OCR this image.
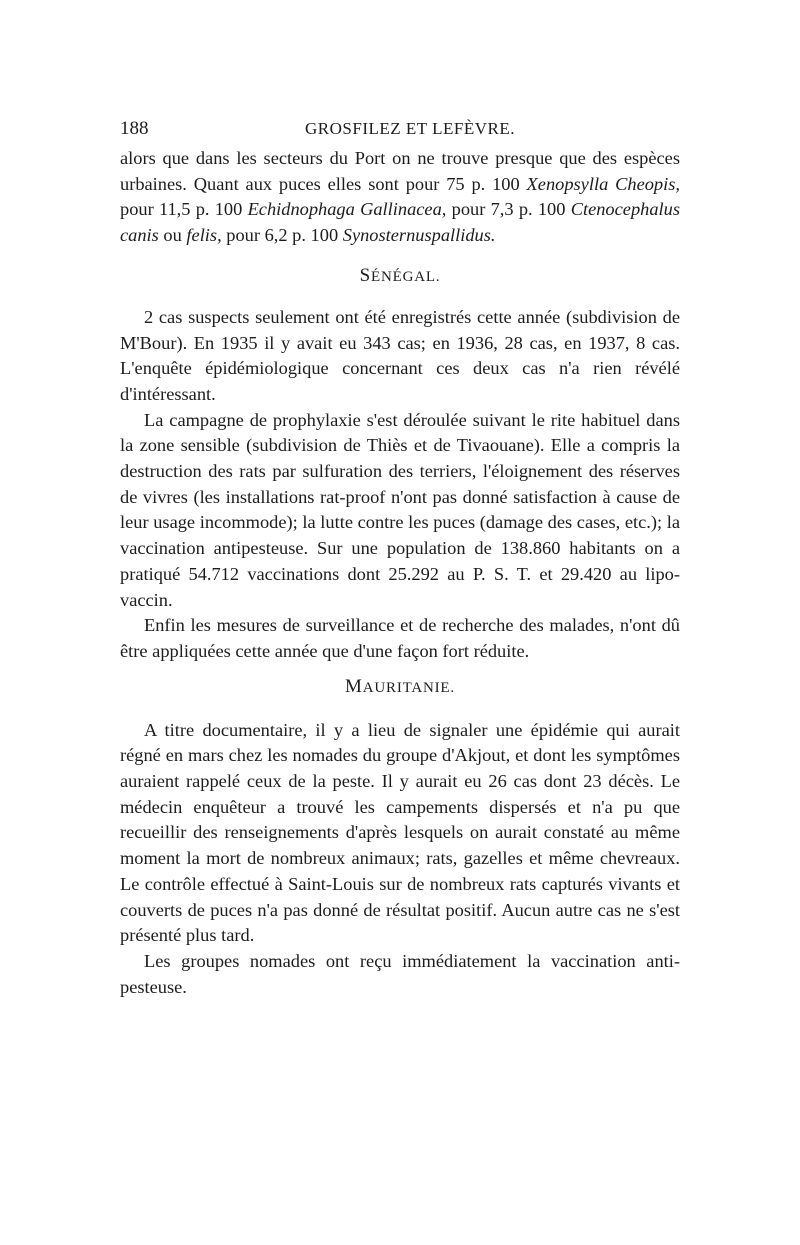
188	GROSFILEZ ET LEFÈVRE.

alors que dans les secteurs du Port on ne trouve presque que des espèces urbaines. Quant aux puces elles sont pour 75 p. 100 Xenopsylla Cheopis, pour 11,5 p. 100 Echidnophaga Gallinacea, pour 7,3 p. 100 Ctenocephalus canis ou felis, pour 6,2 p. 100 Synosternuspallidus.

SÉNÉGAL.

2 cas suspects seulement ont été enregistrés cette année (subdivision de M'Bour). En 1935 il y avait eu 343 cas; en 1936, 28 cas, en 1937, 8 cas. L'enquête épidémiologique concernant ces deux cas n'a rien révélé d'intéressant.

La campagne de prophylaxie s'est déroulée suivant le rite habituel dans la zone sensible (subdivision de Thiès et de Tivaouane). Elle a compris la destruction des rats par sulfuration des terriers, l'éloignement des réserves de vivres (les installations rat-proof n'ont pas donné satisfaction à cause de leur usage incommode); la lutte contre les puces (damage des cases, etc.); la vaccination antipesteuse. Sur une population de 138.860 habitants on a pratiqué 54.712 vaccinations dont 25.292 au P. S. T. et 29.420 au lipo-vaccin.

Enfin les mesures de surveillance et de recherche des malades, n'ont dû être appliquées cette année que d'une façon fort réduite.

MAURITANIE.

A titre documentaire, il y a lieu de signaler une épidémie qui aurait régné en mars chez les nomades du groupe d'Akjout, et dont les symptômes auraient rappelé ceux de la peste. Il y aurait eu 26 cas dont 23 décès. Le médecin enquêteur a trouvé les campements dispersés et n'a pu que recueillir des renseignements d'après lesquels on aurait constaté au même moment la mort de nombreux animaux; rats, gazelles et même chevreaux. Le contrôle effectué à Saint-Louis sur de nombreux rats capturés vivants et couverts de puces n'a pas donné de résultat positif. Aucun autre cas ne s'est présenté plus tard.

Les groupes nomades ont reçu immédiatement la vaccination anti-pesteuse.
